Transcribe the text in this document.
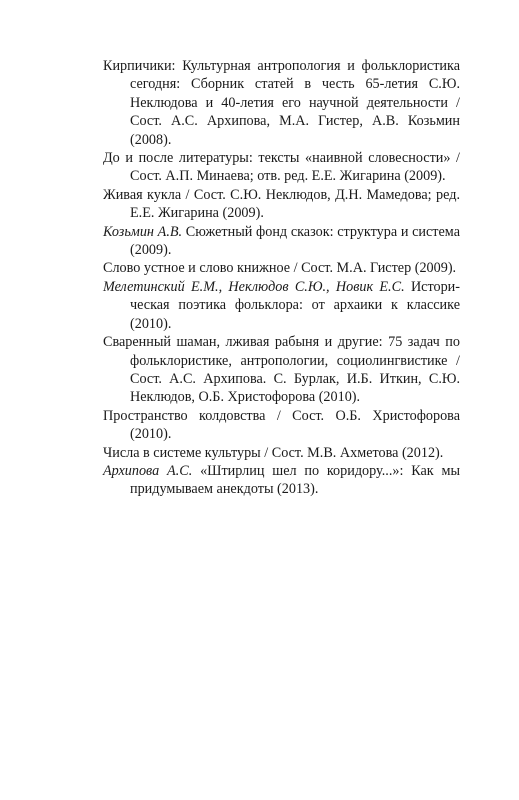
Кирпичики: Культурная антропология и фольклористика сегодня: Сборник статей в честь 65-летия С.Ю. Неклюдова и 40-летия его научной деятельности / Сост. А.С. Архипова, М.А. Гистер, А.В. Козьмин (2008).
До и после литературы: тексты «наивной словесности» / Сост. А.П. Минаева; отв. ред. Е.Е. Жигарина (2009).
Живая кукла / Сост. С.Ю. Неклюдов, Д.Н. Мамедова; ред. Е.Е. Жигарина (2009).
Козьмин А.В. Сюжетный фонд сказок: структура и система (2009).
Слово устное и слово книжное / Сост. М.А. Гистер (2009).
Мелетинский Е.М., Неклюдов С.Ю., Новик Е.С. Историческая поэтика фольклора: от архаики к классике (2010).
Сваренный шаман, лживая рабыня и другие: 75 задач по фольклористике, антропологии, социолингвистике / Сост. А.С. Архипова. С. Бурлак, И.Б. Иткин, С.Ю. Неклюдов, О.Б. Христофорова (2010).
Пространство колдовства / Сост. О.Б. Христофорова (2010).
Числа в системе культуры / Сост. М.В. Ахметова (2012).
Архипова А.С. «Штирлиц шел по коридору...»: Как мы придумываем анекдоты (2013).
